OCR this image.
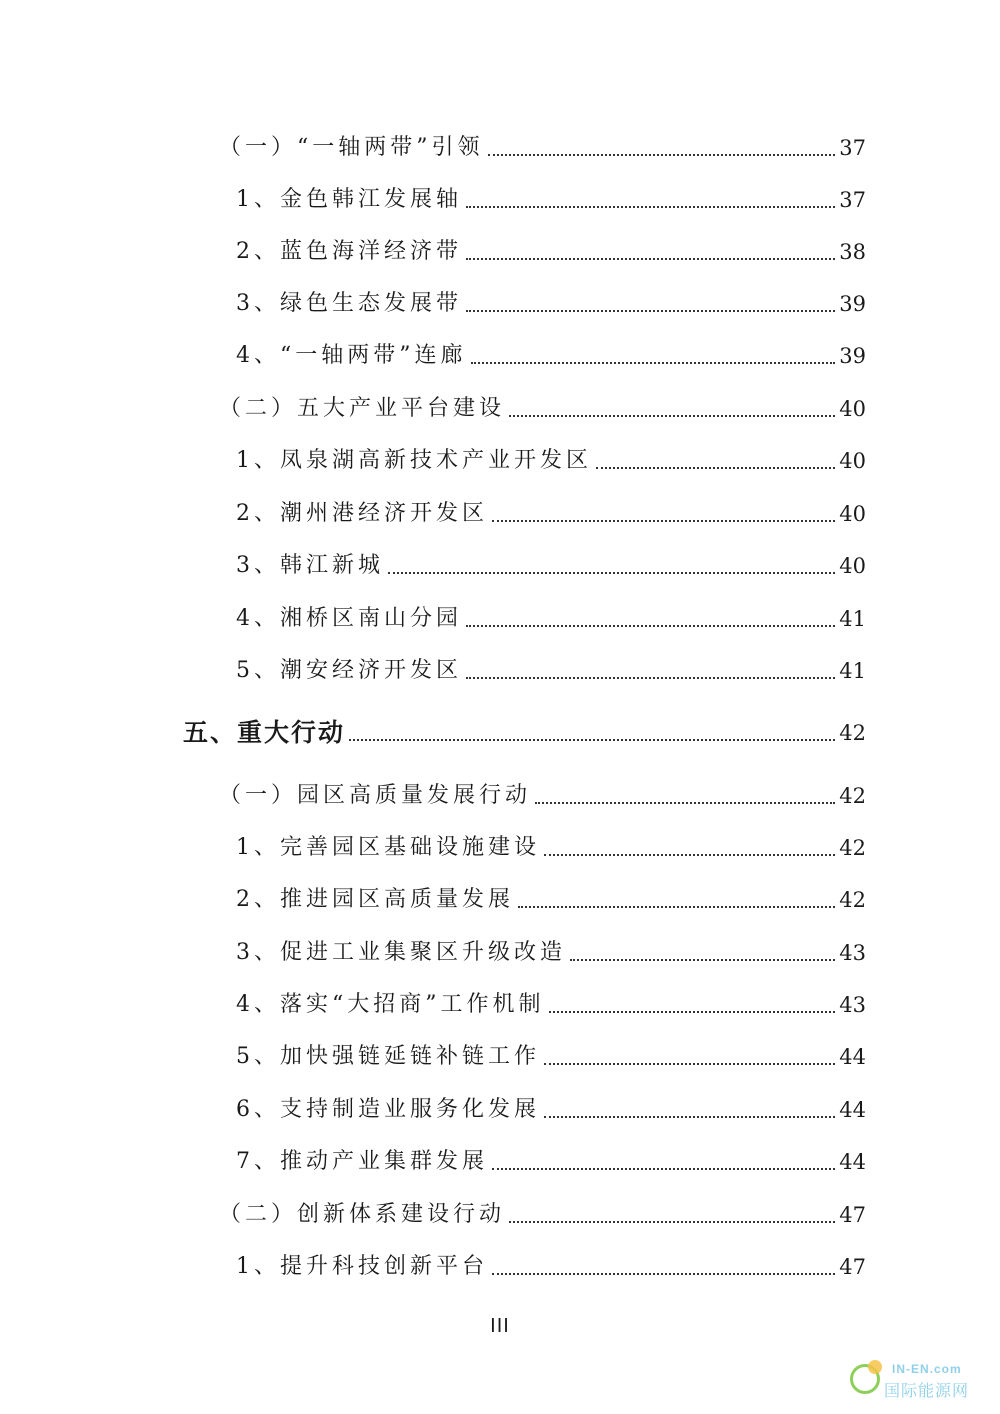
（一）“一轴两带”引领	37
1、金色韩江发展轴	37
2、蓝色海洋经济带	38
3、绿色生态发展带	39
4、“一轴两带”连廊	39
（二）五大产业平台建设	40
1、凤泉湖高新技术产业开发区	40
2、潮州港经济开发区	40
3、韩江新城	40
4、湘桥区南山分园	41
5、潮安经济开发区	41
五、重大行动	42
（一）园区高质量发展行动	42
1、完善园区基础设施建设	42
2、推进园区高质量发展	42
3、促进工业集聚区升级改造	43
4、落实“大招商”工作机制	43
5、加快强链延链补链工作	44
6、支持制造业服务化发展	44
7、推动产业集群发展	44
（二）创新体系建设行动	47
1、提升科技创新平台	47
III
IN-EN.com
国际能源网
